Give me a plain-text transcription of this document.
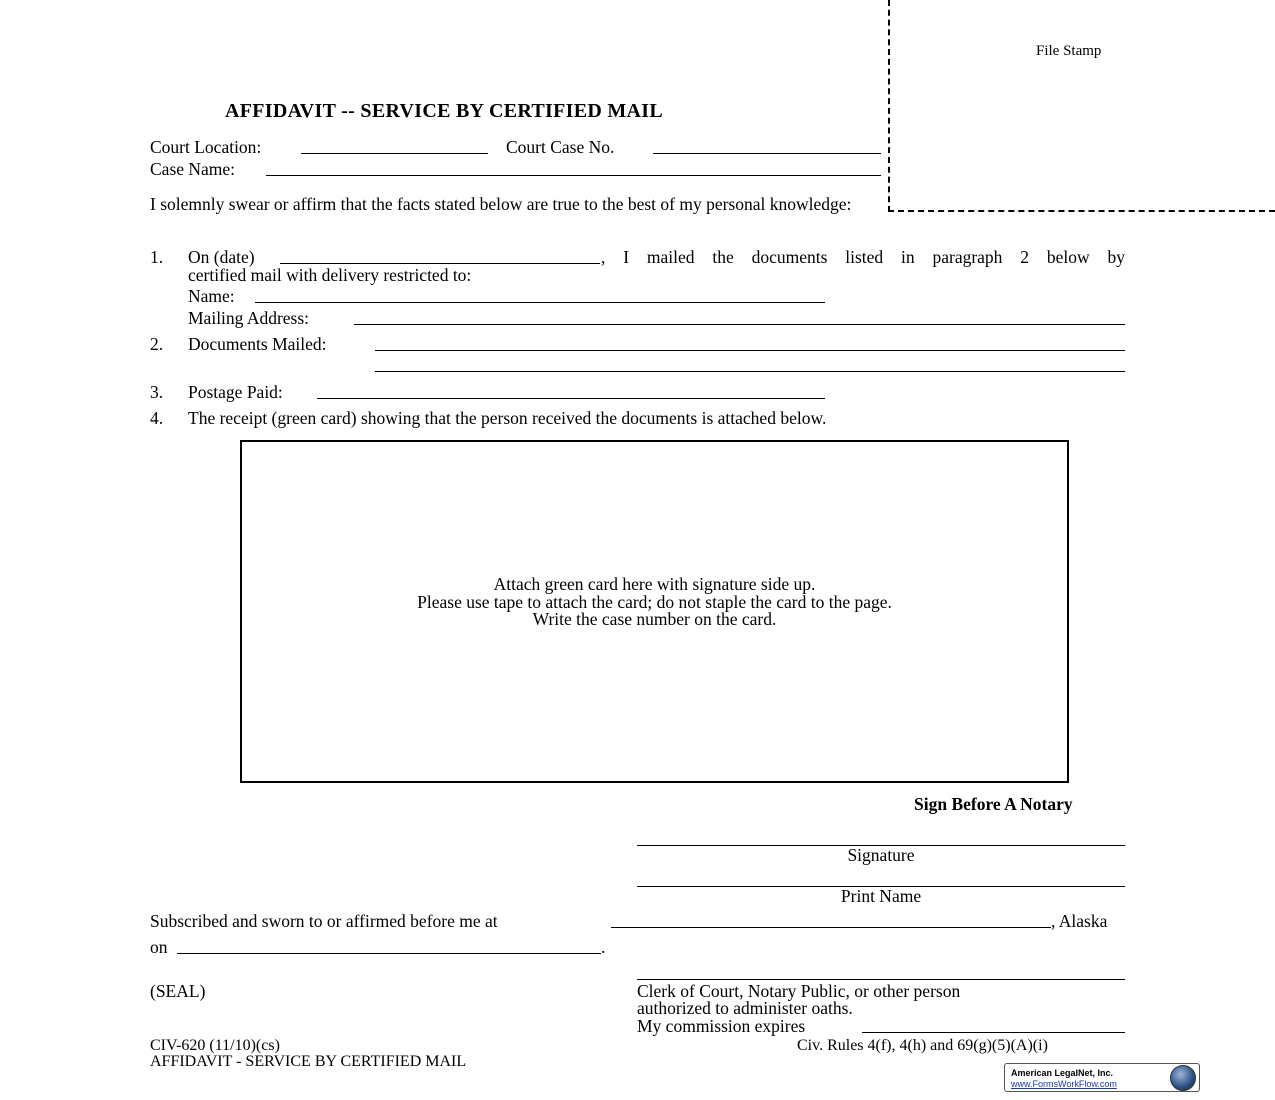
File Stamp
AFFIDAVIT -- SERVICE BY CERTIFIED MAIL
Court Location:	Court Case No.
Case Name:
I solemnly swear or affirm that the facts stated below are true to the best of my personal knowledge:
1. On (date)	, I mailed the documents listed in paragraph 2 below by
certified mail with delivery restricted to:
Name:
Mailing Address:
2. Documents Mailed:
3. Postage Paid:
4. The receipt (green card) showing that the person received the documents is attached below.
Attach green card here with signature side up.
Please use tape to attach the card; do not staple the card to the page.
Write the case number on the card.
Sign Before A Notary
Signature
Print Name
Subscribed and sworn to or affirmed before me at	, Alaska
on	.
(SEAL)	Clerk of Court, Notary Public, or other person
authorized to administer oaths.
My commission expires
CIV-620 (11/10)(cs)
AFFIDAVIT - SERVICE BY CERTIFIED MAIL
Civ. Rules 4(f), 4(h) and 69(g)(5)(A)(i)
American LegalNet, Inc.
www.FormsWorkFlow.com
